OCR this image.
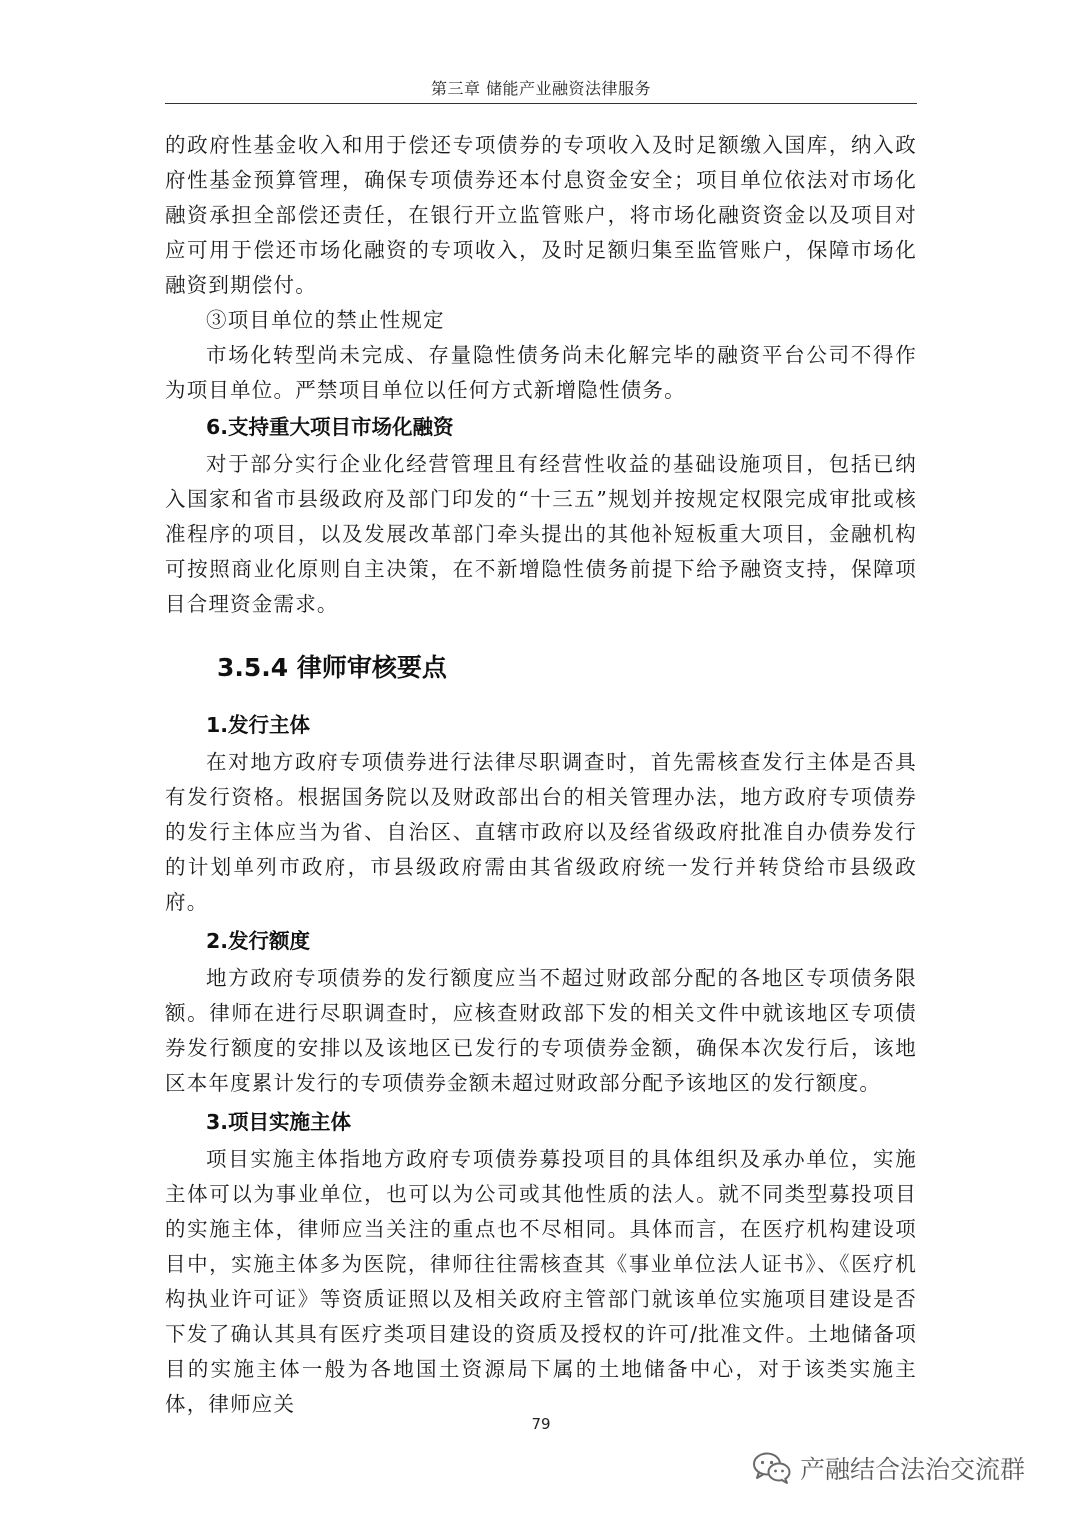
第三章 储能产业融资法律服务

的政府性基金收入和用于偿还专项债券的专项收入及时足额缴入国库，纳入政府性基金预算管理，确保专项债券还本付息资金安全；项目单位依法对市场化融资承担全部偿还责任，在银行开立监管账户，将市场化融资资金以及项目对应可用于偿还市场化融资的专项收入，及时足额归集至监管账户，保障市场化融资到期偿付。

③项目单位的禁止性规定

市场化转型尚未完成、存量隐性债务尚未化解完毕的融资平台公司不得作为项目单位。严禁项目单位以任何方式新增隐性债务。

6.支持重大项目市场化融资

对于部分实行企业化经营管理且有经营性收益的基础设施项目，包括已纳入国家和省市县级政府及部门印发的“十三五”规划并按规定权限完成审批或核准程序的项目，以及发展改革部门牵头提出的其他补短板重大项目，金融机构可按照商业化原则自主决策，在不新增隐性债务前提下给予融资支持，保障项目合理资金需求。

3.5.4 律师审核要点

1.发行主体

在对地方政府专项债券进行法律尽职调查时，首先需核查发行主体是否具有发行资格。根据国务院以及财政部出台的相关管理办法，地方政府专项债券的发行主体应当为省、自治区、直辖市政府以及经省级政府批准自办债券发行的计划单列市政府，市县级政府需由其省级政府统一发行并转贷给市县级政府。

2.发行额度

地方政府专项债券的发行额度应当不超过财政部分配的各地区专项债务限额。律师在进行尽职调查时，应核查财政部下发的相关文件中就该地区专项债券发行额度的安排以及该地区已发行的专项债券金额，确保本次发行后，该地区本年度累计发行的专项债券金额未超过财政部分配予该地区的发行额度。

3.项目实施主体

项目实施主体指地方政府专项债券募投项目的具体组织及承办单位，实施主体可以为事业单位，也可以为公司或其他性质的法人。就不同类型募投项目的实施主体，律师应当关注的重点也不尽相同。具体而言，在医疗机构建设项目中，实施主体多为医院，律师往往需核查其《事业单位法人证书》、《医疗机构执业许可证》等资质证照以及相关政府主管部门就该单位实施项目建设是否下发了确认其具有医疗类项目建设的资质及授权的许可/批准文件。土地储备项目的实施主体一般为各地国土资源局下属的土地储备中心，对于该类实施主体，律师应关

79
产融结合法治交流群
